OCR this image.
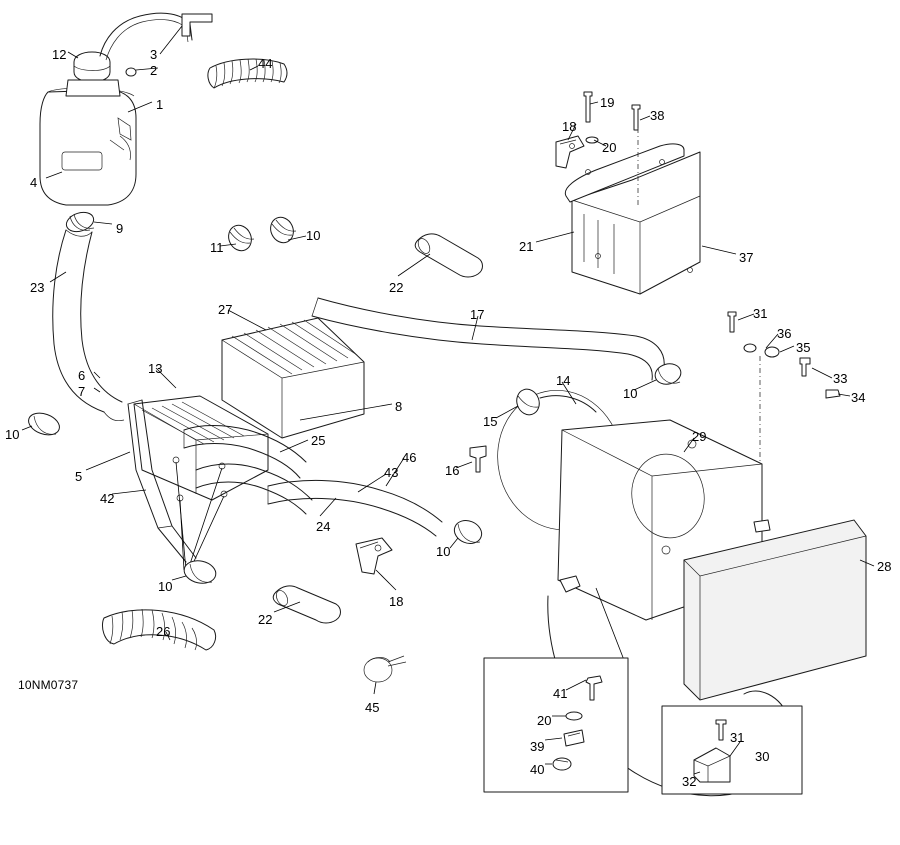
12	3
2	44
1
4
9
23
11
10
22
27	17
13
6
7
10
8
5
42
25
46
43
24
10
22
26
45
18
19
38
20
21
37
31
36
35
33
34
10
14
15
16
29
28
10
18
41
20
39
40
31
30
32
10NM0737
